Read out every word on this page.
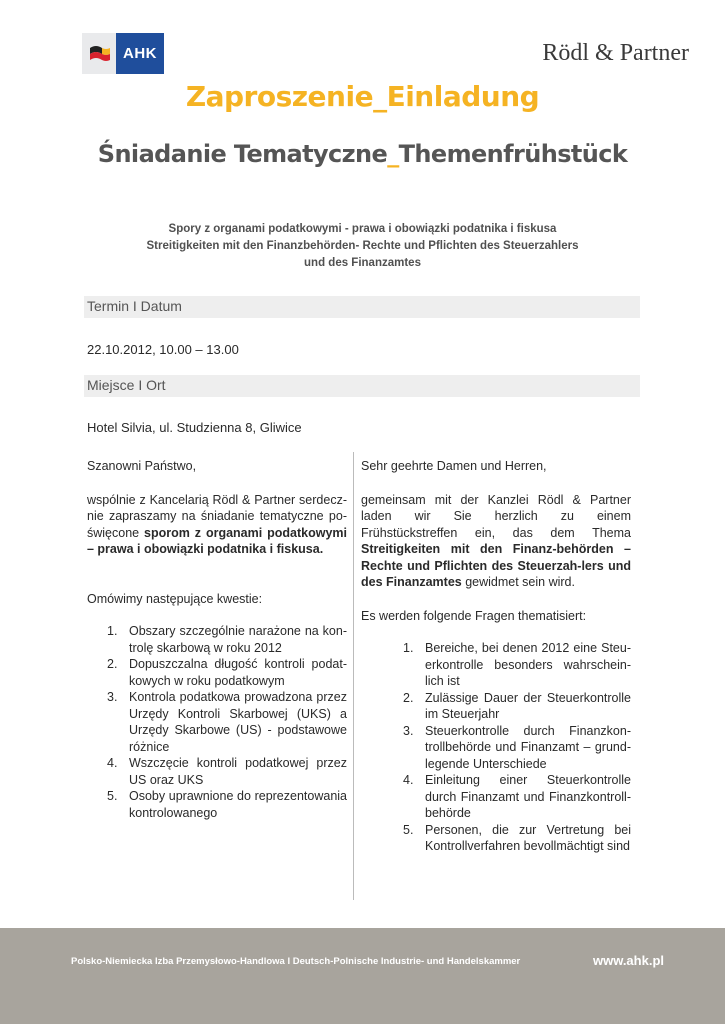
AHK	Rödl & Partner
Zaproszenie_Einladung
Śniadanie Tematyczne_Themenfrühstück
Spory z organami podatkowymi - prawa i obowiązki podatnika i fiskusa
Streitigkeiten mit den Finanzbehörden- Rechte und Pflichten des Steuerzahlers
und des Finanzamtes
Termin I Datum
22.10.2012, 10.00 – 13.00
Miejsce I Ort
Hotel Silvia, ul. Studzienna 8, Gliwice

Szanowni Państwo,

wspólnie z Kancelarią Rödl & Partner serdecz-nie zapraszamy na śniadanie tematyczne po-święcone sporom z organami podatkowymi – prawa i obowiązki podatnika i fiskusa.

Omówimy następujące kwestie:

1. Obszary szczególnie narażone na kon-trolę skarbową w roku 2012
2. Dopuszczalna długość kontroli podat-kowych w roku podatkowym
3. Kontrola podatkowa prowadzona przez Urzędy Kontroli Skarbowej (UKS) a Urzędy Skarbowe (US) - podstawowe różnice
4. Wszczęcie kontroli podatkowej przez US oraz UKS
5. Osoby uprawnione do reprezentowania kontrolowanego

Sehr geehrte Damen und Herren,

gemeinsam mit der Kanzlei Rödl & Partner laden wir Sie herzlich zu einem Frühstückstreffen ein, das dem Thema Streitigkeiten mit den Finanz-behörden – Rechte und Pflichten des Steuerzah-lers und des Finanzamtes gewidmet sein wird.

Es werden folgende Fragen thematisiert:

1. Bereiche, bei denen 2012 eine Steu-erkontrolle besonders wahrschein-lich ist
2. Zulässige Dauer der Steuerkontrolle im Steuerjahr
3. Steuerkontrolle durch Finanzkon-trollbehörde und Finanzamt – grund-legende Unterschiede
4. Einleitung einer Steuerkontrolle durch Finanzamt und Finanzkontroll-behörde
5. Personen, die zur Vertretung bei Kontrollverfahren bevollmächtigt sind
Polsko-Niemiecka Izba Przemysłowo-Handlowa I Deutsch-Polnische Industrie- und Handelskammer	www.ahk.pl
